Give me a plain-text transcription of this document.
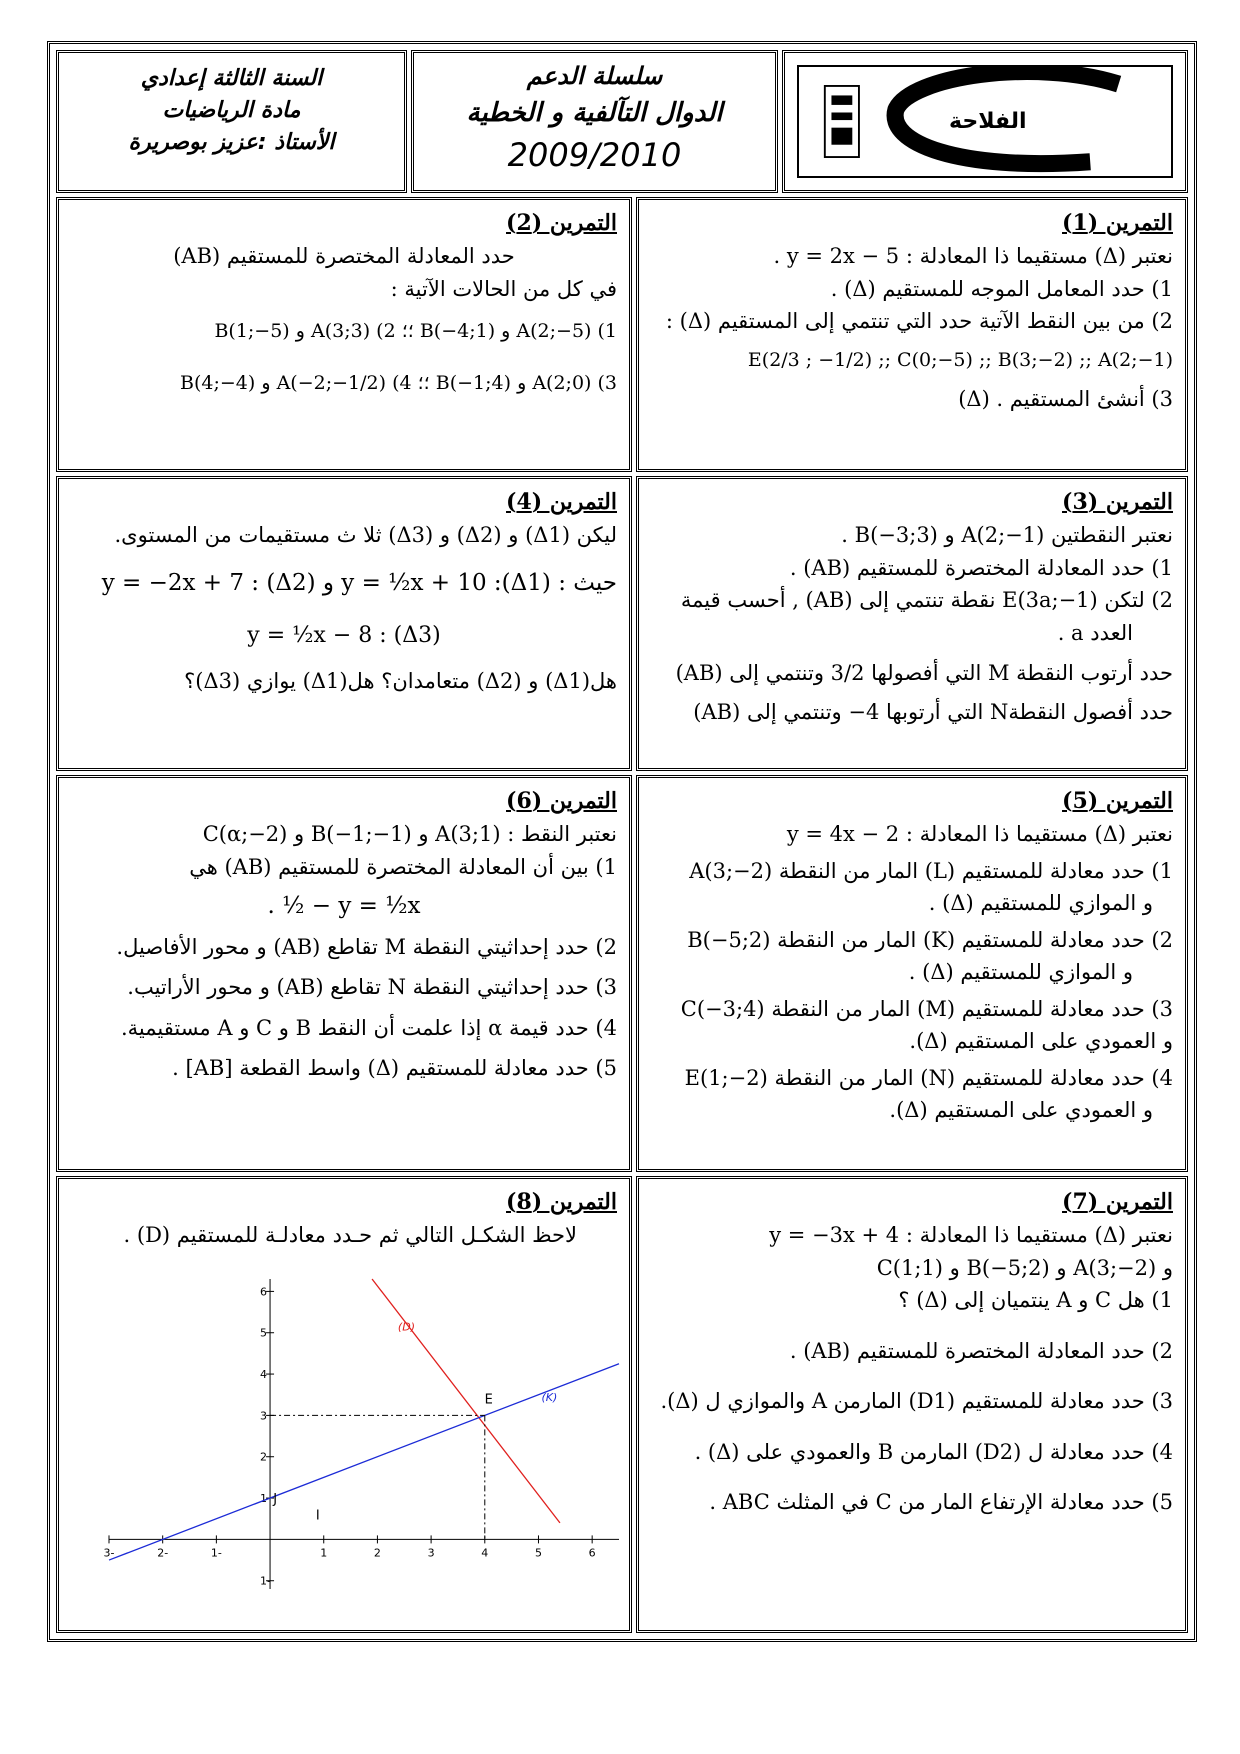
السنة الثالثة إعدادي
مادة الرياضيات
الأستاذ :عزيز بوصريرة
سلسلة الدعم
الدوال التآلفية و الخطية
2009/2010
الفلاحة
التمرين (1)
نعتبر (Δ) مستقيما ذا المعادلة : y = 2x − 5 .
1) حدد المعامل الموجه للمستقيم (Δ) .
2) من بين النقط الآتية حدد التي تنتمي إلى المستقيم (Δ) :
E(2/3 ; −1/2) ;; C(0;−5) ;; B(3;−2) ;; A(2;−1)
3) أنشئ المستقيم . (Δ)
التمرين (2)
حدد المعادلة المختصرة للمستقيم (AB)
في كل من الحالات الآتية :
1) A(2;−5) و B(−4;1) ؛؛ 2) A(3;3) و B(1;−5)
3) A(2;0) و B(−1;4) ؛؛ 4) A(−2;−1/2) و B(4;−4)
التمرين (3)
نعتبر النقطتين A(2;−1) و B(−3;3) .
1) حدد المعادلة المختصرة للمستقيم (AB) .
2) لتكن E(3a;−1) نقطة تنتمي إلى (AB) , أحسب قيمة
العدد a .
حدد أرتوب النقطة M التي أفصولها 3/2 وتنتمي إلى (AB)
حدد أفصول النقطةN التي أرتوبها 4− وتنتمي إلى (AB)
التمرين (4)
ليكن (Δ1) و (Δ2) و (Δ3) ثلا ث مستقيمات من المستوى.
حيث : (Δ1): y = ½x + 10 و (Δ2) : y = −2x + 7
(Δ3) : y = ½x − 8
هل(Δ1) و (Δ2) متعامدان؟ هل(Δ1) يوازي (Δ3)؟
التمرين (5)
نعتبر (Δ) مستقيما ذا المعادلة : y = 4x − 2
1) حدد معادلة للمستقيم (L) المار من النقطة A(3;−2)
و الموازي للمستقيم (Δ) .
2) حدد معادلة للمستقيم (K) المار من النقطة B(−5;2)
و الموازي للمستقيم (Δ) .
3) حدد معادلة للمستقيم (M) المار من النقطة C(−3;4)
و العمودي على المستقيم (Δ).
4) حدد معادلة للمستقيم (N) المار من النقطة E(1;−2)
و العمودي على المستقيم (Δ).
التمرين (6)
نعتبر النقط : A(3;1) و B(−1;−1) و C(α;−2)
1) بين أن المعادلة المختصرة للمستقيم (AB) هي
y = ½x − ½ .
2) حدد إحداثيتي النقطة M تقاطع (AB) و محور الأفاصيل.
3) حدد إحداثيتي النقطة N تقاطع (AB) و محور الأراتيب.
4) حدد قيمة α إذا علمت أن النقط B و C و A مستقيمية.
5) حدد معادلة للمستقيم (Δ) واسط القطعة [AB] .
التمرين (7)
نعتبر (Δ) مستقيما ذا المعادلة : y = −3x + 4
و A(3;−2) و B(−5;2) و C(1;1)
1) هل C و A ينتميان إلى (Δ) ؟
2) حدد المعادلة المختصرة للمستقيم (AB) .
3) حدد معادلة للمستقيم (D1) المارمن A والموازي ل (Δ).
4) حدد معادلة ل (D2) المارمن B والعمودي على (Δ) .
5) حدد معادلة الإرتفاع المار من C في المثلث ABC .
التمرين (8)
لاحظ الشكـل التالي ثم حـدد معادلـة للمستقيم (D) .
-3	-2	-1	1	2	3	4	5	6
-1
1
2
3
4
5
6
(D)
(K)
E
J
I
